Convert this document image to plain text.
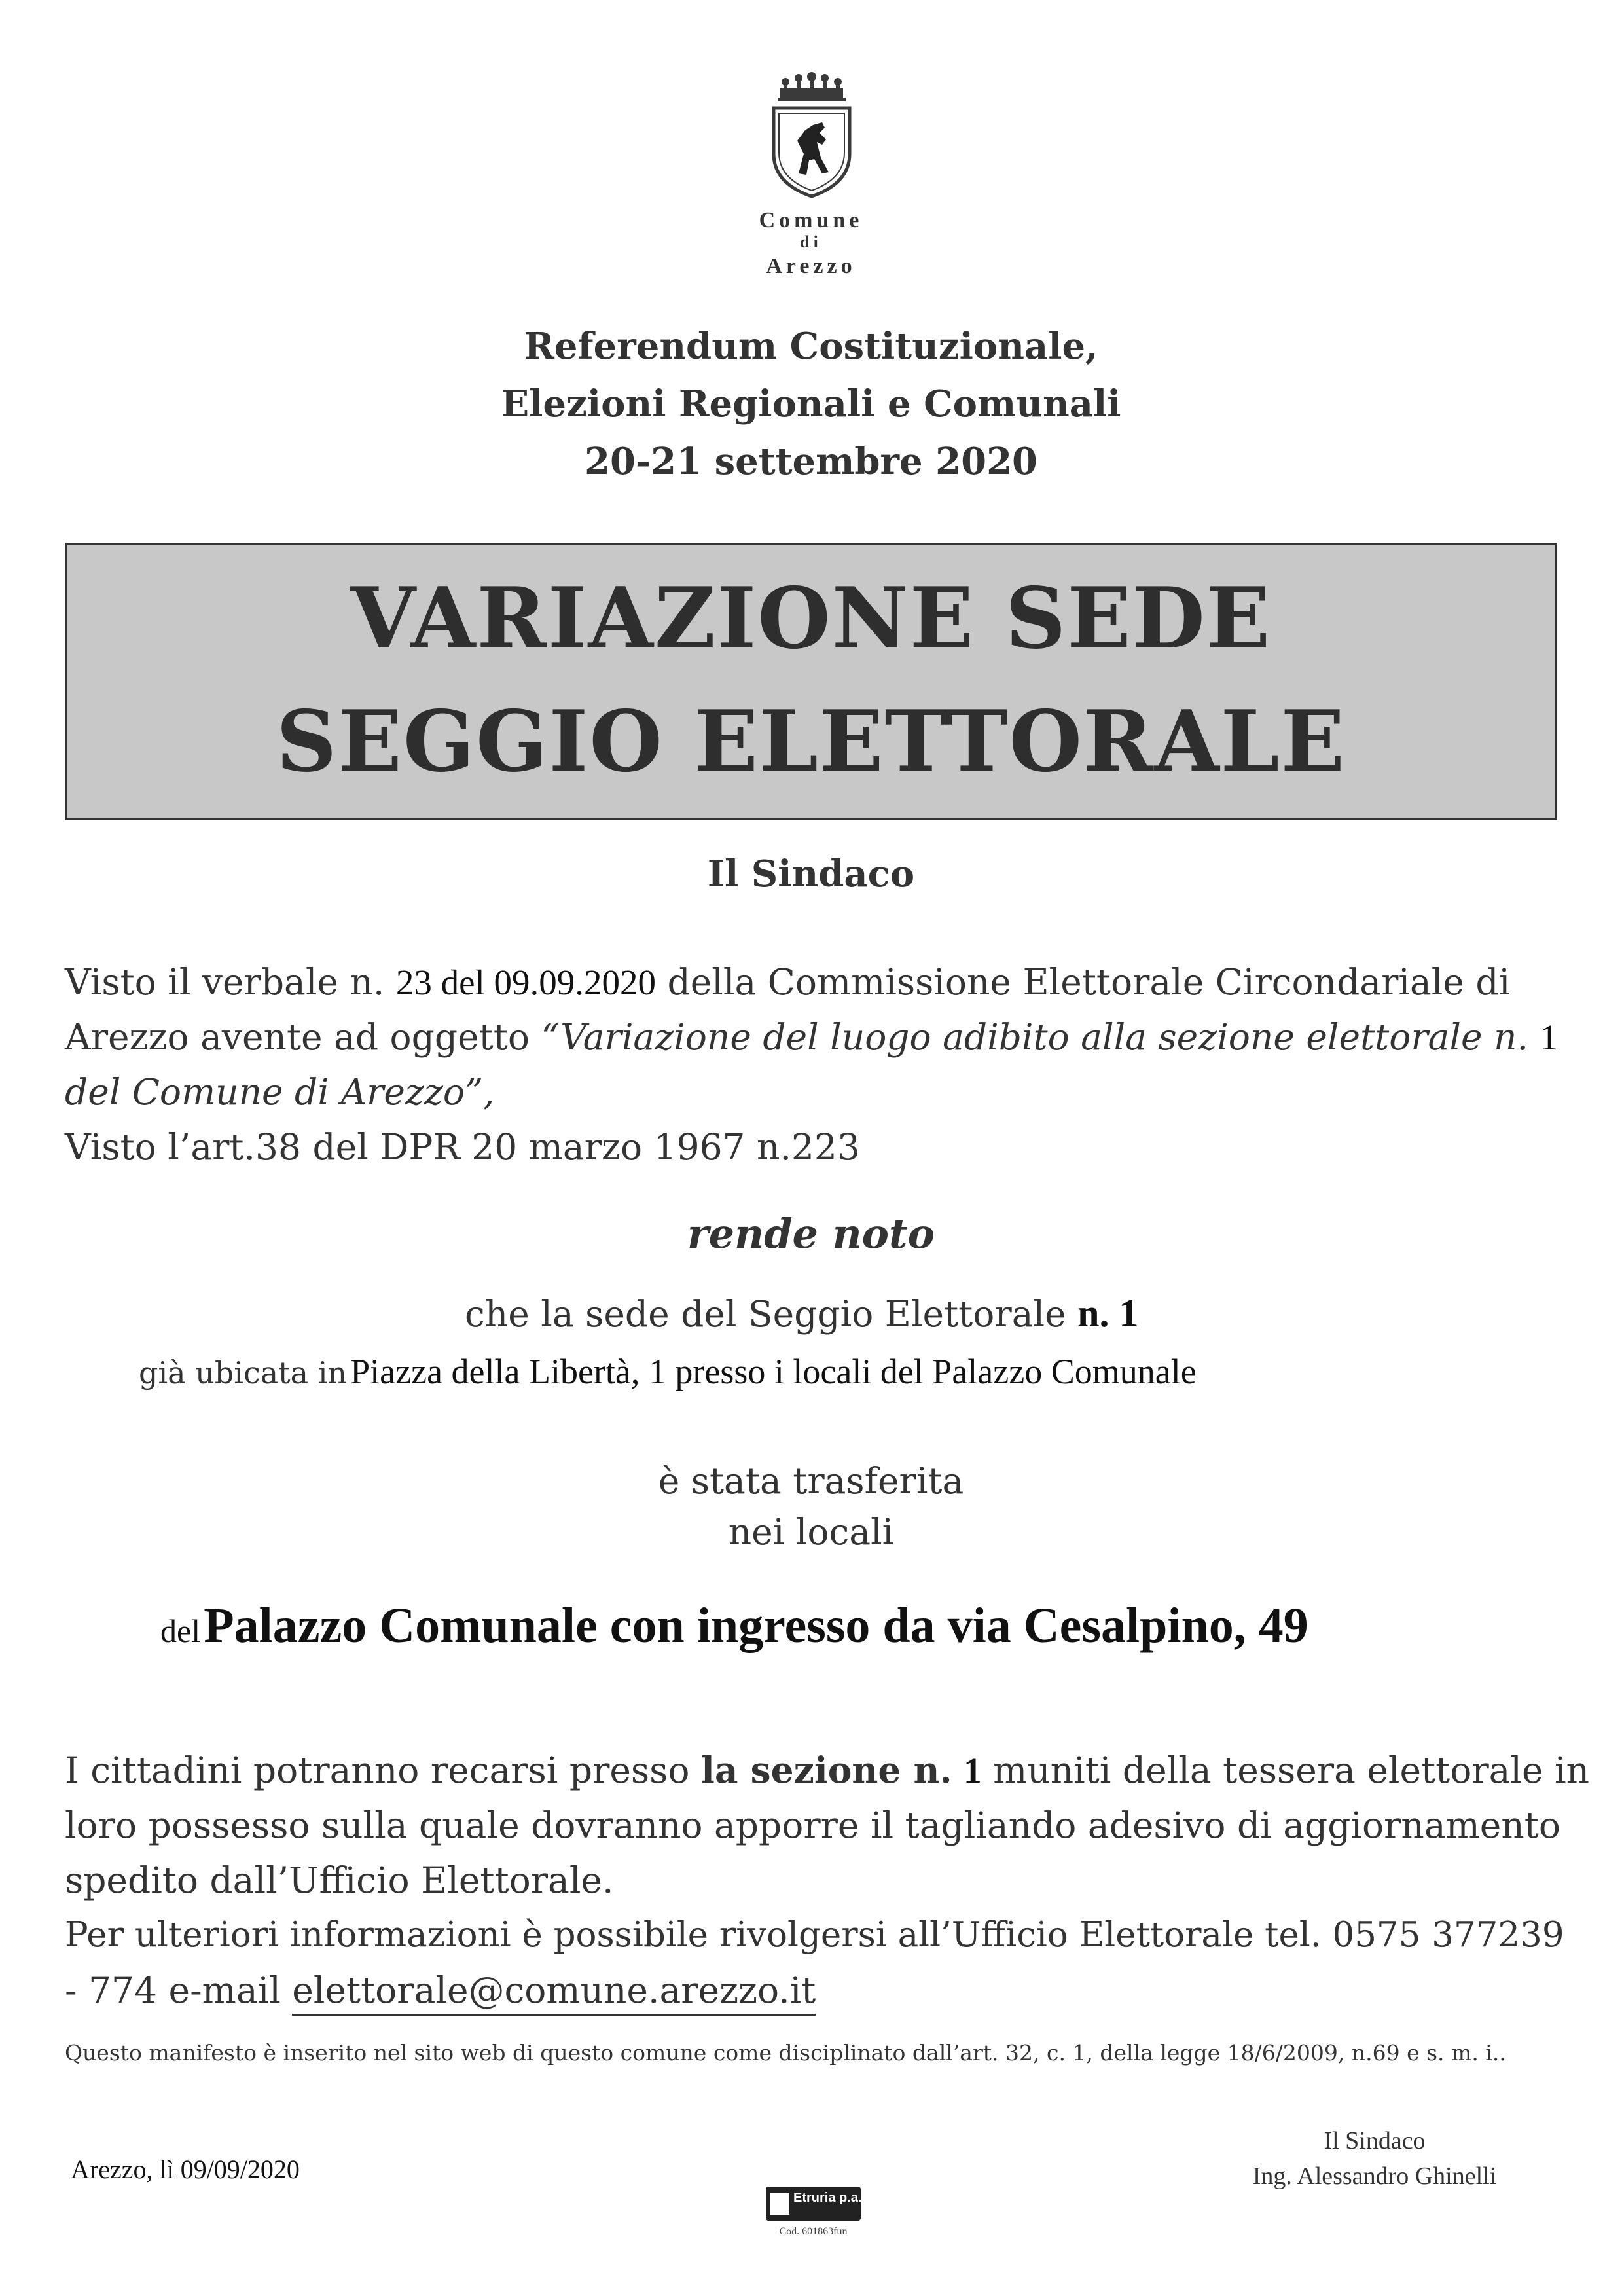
Comune
di
Arezzo
Referendum Costituzionale,
Elezioni Regionali e Comunali
20-21 settembre 2020
VARIAZIONE SEDE
SEGGIO ELETTORALE
Il Sindaco
Visto il verbale n. 23 del 09.09.2020 della Commissione Elettorale Circondariale di
Arezzo avente ad oggetto “Variazione del luogo adibito alla sezione elettorale n. 1
del Comune di Arezzo”,
Visto l’art.38 del DPR 20 marzo 1967 n.223
rende noto
che la sede del Seggio Elettorale n. 1
già ubicata in Piazza della Libertà, 1 presso i locali del Palazzo Comunale
è stata trasferita
nei locali
del Palazzo Comunale con ingresso da via Cesalpino, 49
I cittadini potranno recarsi presso la sezione n. 1 muniti della tessera elettorale in
loro possesso sulla quale dovranno apporre il tagliando adesivo di aggiornamento
spedito dall’Ufficio Elettorale.
Per ulteriori informazioni è possibile rivolgersi all’Ufficio Elettorale tel. 0575 377239
- 774 e-mail elettorale@comune.arezzo.it
Questo manifesto è inserito nel sito web di questo comune come disciplinato dall’art. 32, c. 1, della legge 18/6/2009, n.69 e s. m. i..
Il Sindaco
Ing. Alessandro Ghinelli
Arezzo, lì 09/09/2020
Etruria p.a.
Cod. 601863fun
